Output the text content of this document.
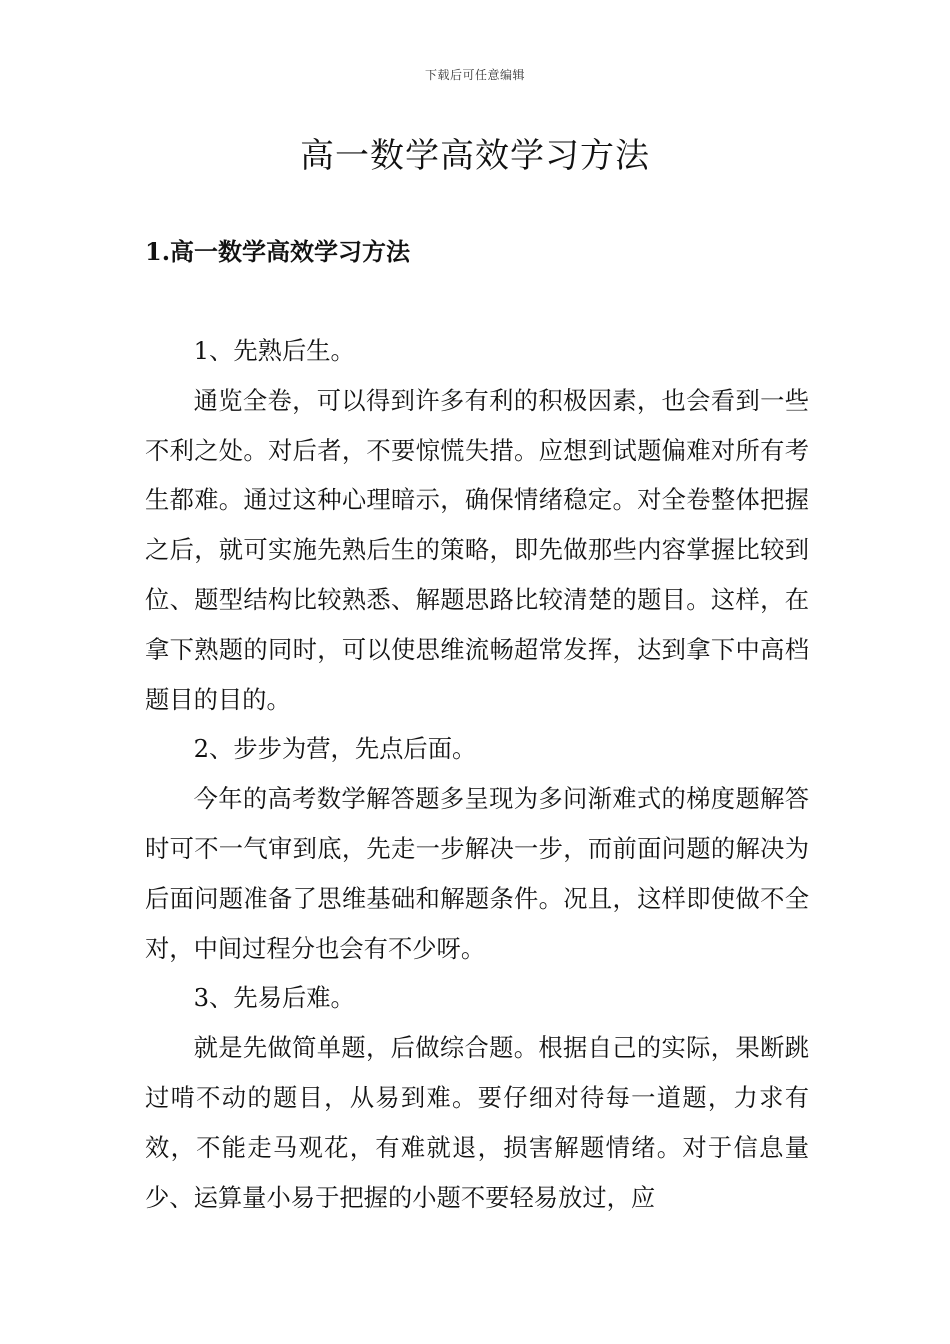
下载后可任意编辑
高一数学高效学习方法
1.高一数学高效学习方法

1、先熟后生。

通览全卷，可以得到许多有利的积极因素，也会看到一些不利之处。对后者，不要惊慌失措。应想到试题偏难对所有考生都难。通过这种心理暗示，确保情绪稳定。对全卷整体把握之后，就可实施先熟后生的策略，即先做那些内容掌握比较到位、题型结构比较熟悉、解题思路比较清楚的题目。这样，在拿下熟题的同时，可以使思维流畅超常发挥，达到拿下中高档题目的目的。

2、步步为营，先点后面。

今年的高考数学解答题多呈现为多问渐难式的梯度题解答时可不一气审到底，先走一步解决一步，而前面问题的解决为后面问题准备了思维基础和解题条件。况且，这样即使做不全对，中间过程分也会有不少呀。

3、先易后难。

就是先做简单题，后做综合题。根据自己的实际，果断跳过啃不动的题目，从易到难。要仔细对待每一道题，力求有效，不能走马观花，有难就退，损害解题情绪。对于信息量少、运算量小易于把握的小题不要轻易放过，应
